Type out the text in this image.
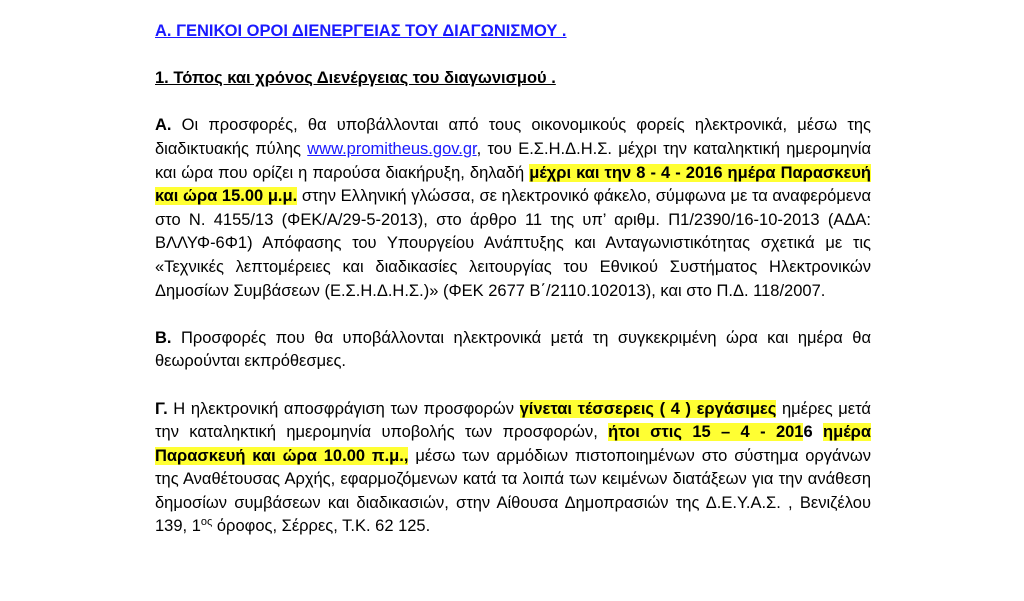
Α. ΓΕΝΙΚΟΙ ΟΡΟΙ ΔΙΕΝΕΡΓΕΙΑΣ ΤΟΥ ΔΙΑΓΩΝΙΣΜΟΥ .
1. Τόπος και χρόνος Διενέργειας του διαγωνισμού .
Α. Οι προσφορές, θα υποβάλλονται από τους οικονομικούς φορείς ηλεκτρονικά, μέσω της διαδικτυακής πύλης www.promitheus.gov.gr, του Ε.Σ.Η.Δ.Η.Σ. μέχρι την καταληκτική ημερομηνία και ώρα που ορίζει η παρούσα διακήρυξη, δηλαδή μέχρι και την 8 - 4 - 2016 ημέρα Παρασκευή και ώρα 15.00 μ.μ. στην Ελληνική γλώσσα, σε ηλεκτρονικό φάκελο, σύμφωνα με τα αναφερόμενα στο Ν. 4155/13 (ΦΕΚ/Α/29-5-2013), στο άρθρο 11 της υπ’ αριθμ. Π1/2390/16-10-2013 (ΑΔΑ: ΒΛΛΥΦ-6Φ1) Απόφασης του Υπουργείου Ανάπτυξης και Ανταγωνιστικότητας σχετικά με τις «Τεχνικές λεπτομέρειες και διαδικασίες λειτουργίας του Εθνικού Συστήματος Ηλεκτρονικών Δημοσίων Συμβάσεων (Ε.Σ.Η.Δ.Η.Σ.)» (ΦΕΚ 2677 Β΄/2110.102013), και στο Π.Δ. 118/2007.
Β. Προσφορές που θα υποβάλλονται ηλεκτρονικά μετά τη συγκεκριμένη ώρα και ημέρα θα θεωρούνται εκπρόθεσμες.
Γ. Η ηλεκτρονική αποσφράγιση των προσφορών γίνεται τέσσερεις ( 4 ) εργάσιμες ημέρες μετά την καταληκτική ημερομηνία υποβολής των προσφορών, ήτοι στις 15 – 4 - 2016 ημέρα Παρασκευή και ώρα 10.00 π.μ., μέσω των αρμόδιων πιστοποιημένων στο σύστημα οργάνων της Αναθέτουσας Αρχής, εφαρμοζόμενων κατά τα λοιπά των κειμένων διατάξεων για την ανάθεση δημοσίων συμβάσεων και διαδικασιών, στην Αίθουσα Δημοπρασιών της Δ.Ε.Υ.Α.Σ. , Βενιζέλου 139, $1^{o\varsigma}$ όροφος, Σέρρες, Τ.Κ. 62 125.
